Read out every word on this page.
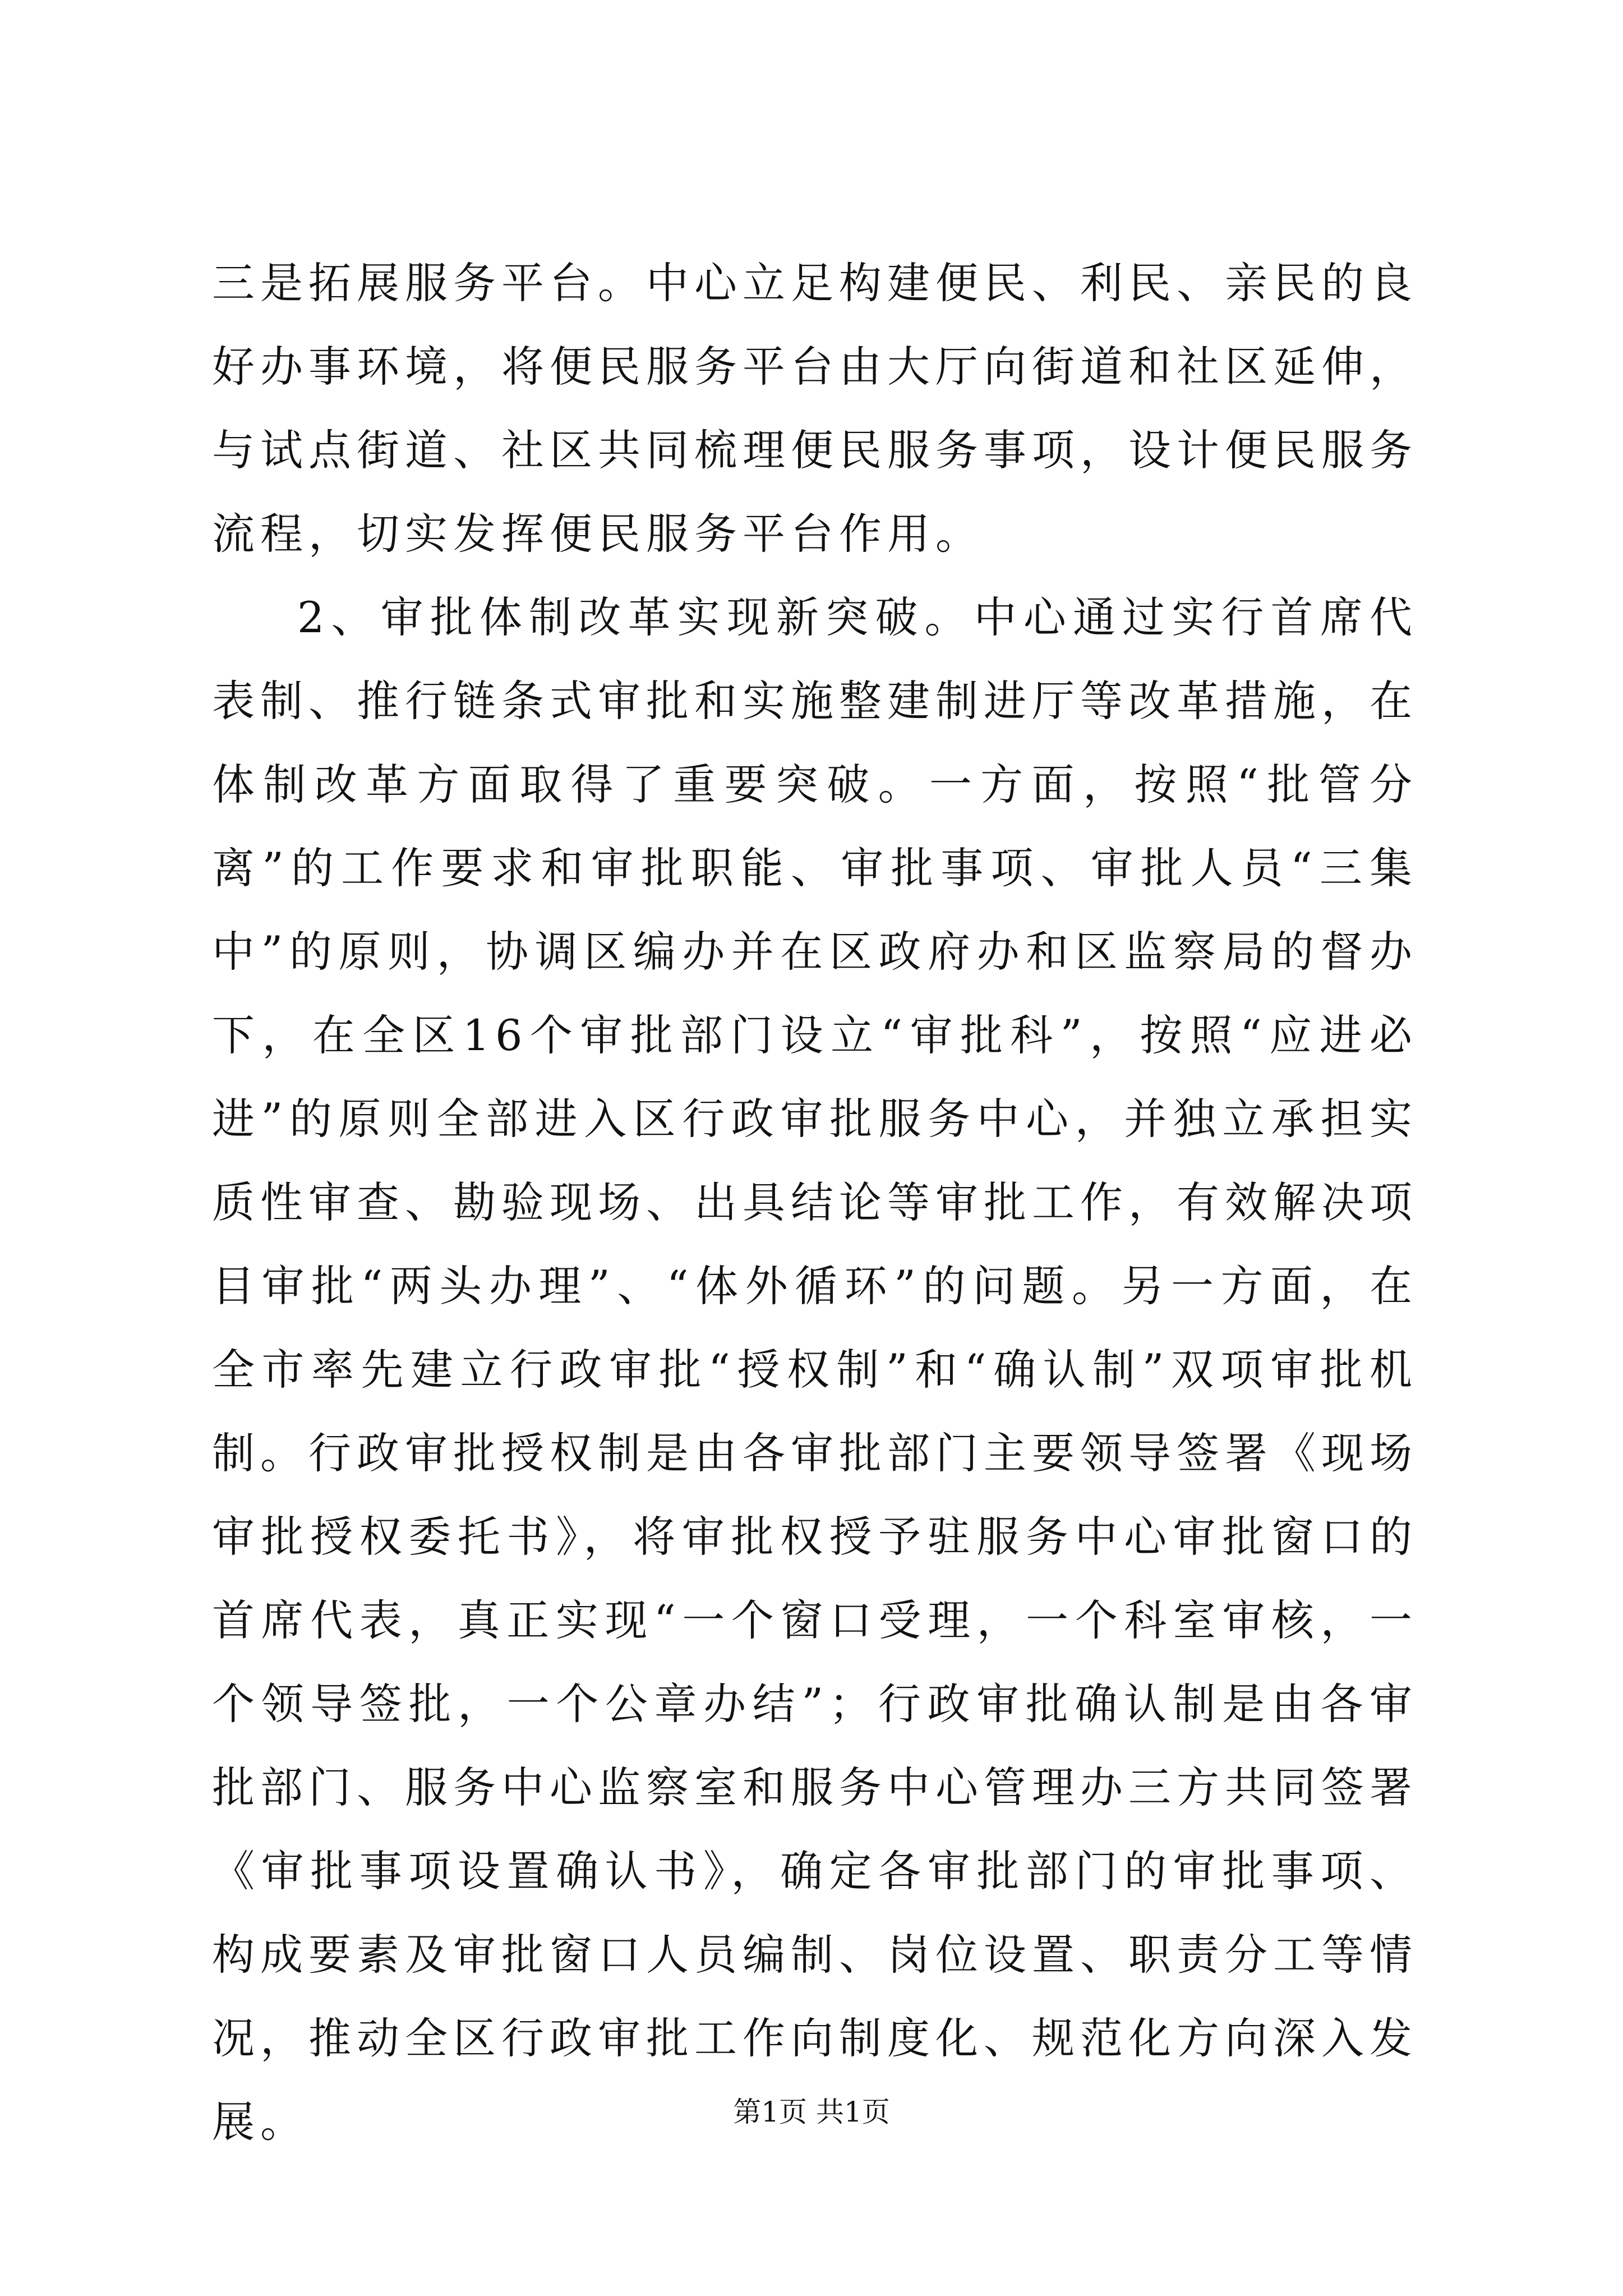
三是拓展服务平台。中心立足构建便民、利民、亲民的良好办事环境，将便民服务平台由大厅向街道和社区延伸，与试点街道、社区共同梳理便民服务事项，设计便民服务流程，切实发挥便民服务平台作用。

2、审批体制改革实现新突破。中心通过实行首席代表制、推行链条式审批和实施整建制进厅等改革措施，在体制改革方面取得了重要突破。一方面，按照“批管分离”的工作要求和审批职能、审批事项、审批人员“三集中”的原则，协调区编办并在区政府办和区监察局的督办下，在全区16个审批部门设立“审批科”，按照“应进必进”的原则全部进入区行政审批服务中心，并独立承担实质性审查、勘验现场、出具结论等审批工作，有效解决项目审批“两头办理”、“体外循环”的问题。另一方面，在全市率先建立行政审批“授权制”和“确认制”双项审批机制。行政审批授权制是由各审批部门主要领导签署《现场审批授权委托书》，将审批权授予驻服务中心审批窗口的首席代表，真正实现“一个窗口受理，一个科室审核，一个领导签批，一个公章办结”；行政审批确认制是由各审批部门、服务中心监察室和服务中心管理办三方共同签署《审批事项设置确认书》，确定各审批部门的审批事项、构成要素及审批窗口人员编制、岗位设置、职责分工等情况，推动全区行政审批工作向制度化、规范化方向深入发展。	第1页 共1页
